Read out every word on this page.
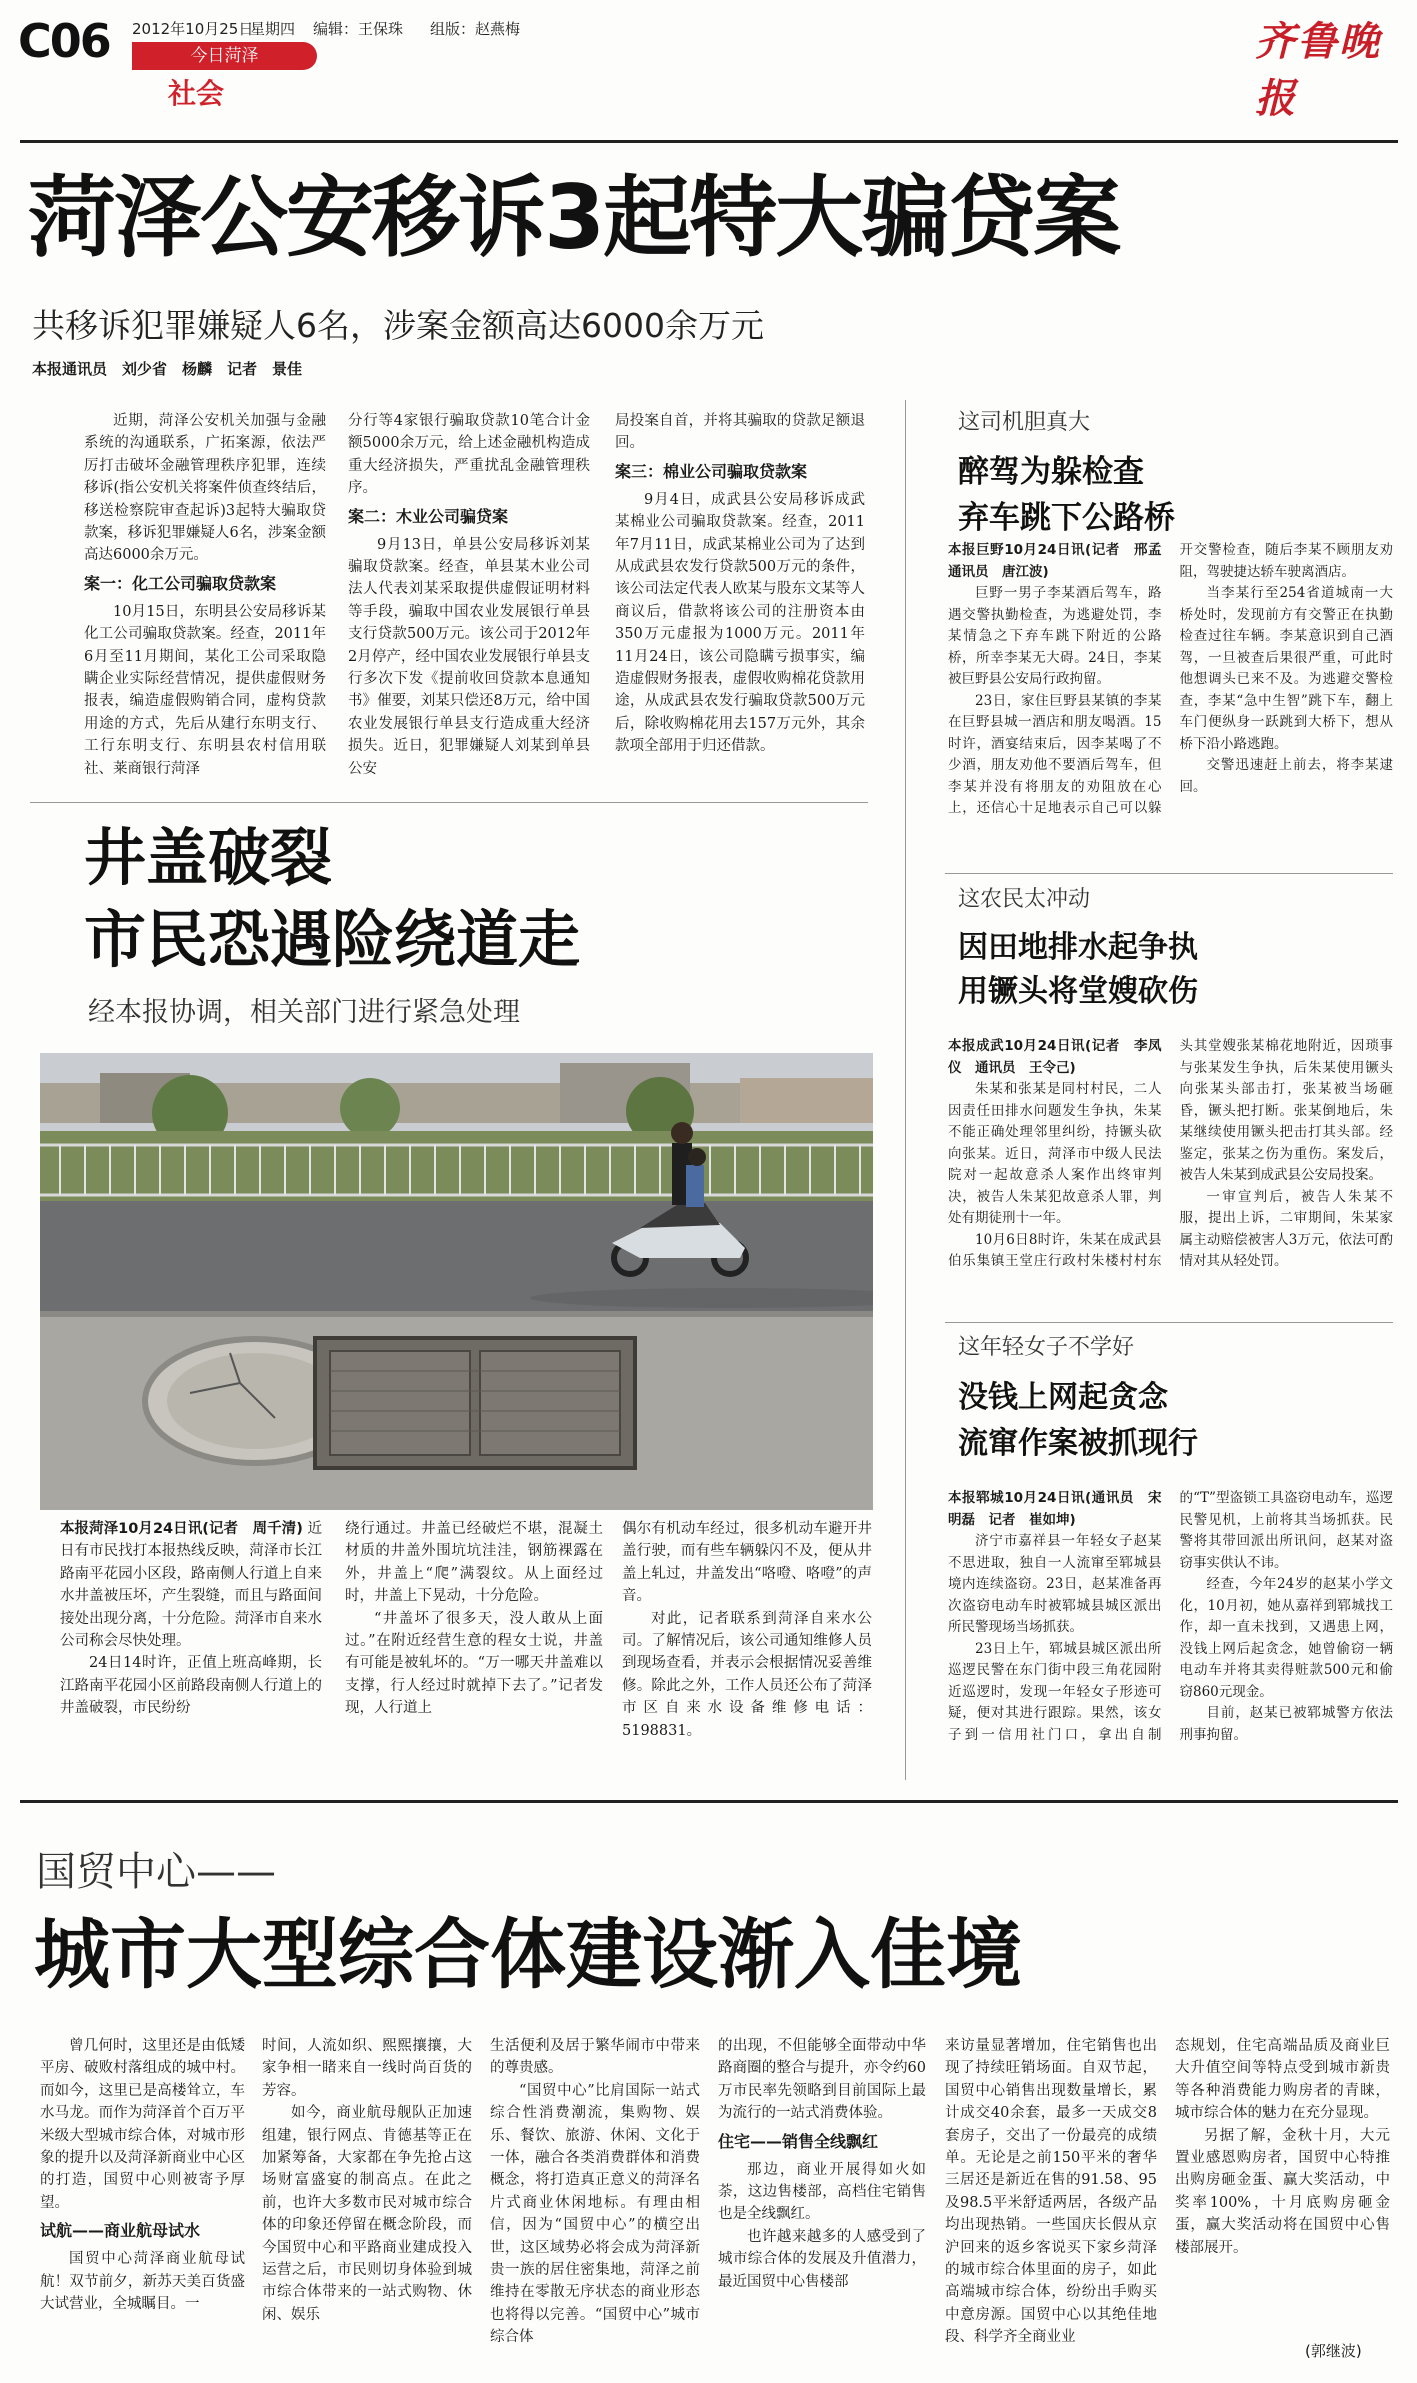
C06 2012年10月25日
星期四 编辑：王保珠 组版：赵燕梅
今日菏泽
社会
齐鲁晚报
菏泽公安移诉3起特大骗贷案
共移诉犯罪嫌疑人6名，涉案金额高达6000余万元
本报通讯员　刘少省　杨麟　记者　景佳

近期，菏泽公安机关加强与金融系统的沟通联系，广拓案源，依法严厉打击破坏金融管理秩序犯罪，连续移诉(指公安机关将案件侦查终结后，移送检察院审查起诉)3起特大骗取贷款案，移诉犯罪嫌疑人6名，涉案金额高达6000余万元。

案一：化工公司骗取贷款案

10月15日，东明县公安局移诉某化工公司骗取贷款案。经查，2011年6月至11月期间，某化工公司采取隐瞒企业实际经营情况，提供虚假财务报表，编造虚假购销合同，虚构贷款用途的方式，先后从建行东明支行、工行东明支行、东明县农村信用联社、莱商银行菏泽

分行等4家银行骗取贷款10笔合计金额5000余万元，给上述金融机构造成重大经济损失，严重扰乱金融管理秩序。

案二：木业公司骗贷案

9月13日，单县公安局移诉刘某骗取贷款案。经查，单县某木业公司法人代表刘某采取提供虚假证明材料等手段，骗取中国农业发展银行单县支行贷款500万元。该公司于2012年2月停产，经中国农业发展银行单县支行多次下发《提前收回贷款本息通知书》催要，刘某只偿还8万元，给中国农业发展银行单县支行造成重大经济损失。近日，犯罪嫌疑人刘某到单县公安

局投案自首，并将其骗取的贷款足额退回。

案三：棉业公司骗取贷款案

9月4日，成武县公安局移诉成武某棉业公司骗取贷款案。经查，2011年7月11日，成武某棉业公司为了达到从成武县农发行贷款500万元的条件，该公司法定代表人欧某与股东文某等人商议后，借款将该公司的注册资本由350万元虚报为1000万元。2011年11月24日，该公司隐瞒亏损事实，编造虚假财务报表，虚假收购棉花贷款用途，从成武县农发行骗取贷款500万元后，除收购棉花用去157万元外，其余款项全部用于归还借款。

这司机胆真大
醉驾为躲检查
弃车跳下公路桥

本报巨野10月24日讯(记者　邢孟　通讯员　唐江波)

巨野一男子李某酒后驾车，路遇交警执勤检查，为逃避处罚，李某情急之下弃车跳下附近的公路桥，所幸李某无大碍。24日，李某被巨野县公安局行政拘留。

23日，家住巨野县某镇的李某在巨野县城一酒店和朋友喝酒。15时许，酒宴结束后，因李某喝了不少酒，朋友劝他不要酒后驾车，但李某并没有将朋友的劝阻放在心上，还信心十足地表示自己可以躲开交警检查，随后李某不顾朋友劝阻，驾驶捷达轿车驶离酒店。

当李某行至254省道城南一大桥处时，发现前方有交警正在执勤检查过往车辆。李某意识到自己酒驾，一旦被查后果很严重，可此时他想调头已来不及。为逃避交警检查，李某“急中生智”跳下车，翻上车门便纵身一跃跳到大桥下，想从桥下沿小路逃跑。

交警迅速赶上前去，将李某逮回。

这农民太冲动
因田地排水起争执
用镢头将堂嫂砍伤

本报成武10月24日讯(记者　李凤仪　通讯员　王令己)

朱某和张某是同村村民，二人因责任田排水问题发生争执，朱某不能正确处理邻里纠纷，持镢头砍向张某。近日，菏泽市中级人民法院对一起故意杀人案作出终审判决，被告人朱某犯故意杀人罪，判处有期徒刑十一年。

10月6日8时许，朱某在成武县伯乐集镇王堂庄行政村朱楼村村东头其堂嫂张某棉花地附近，因琐事与张某发生争执，后朱某使用镢头向张某头部击打，张某被当场砸昏，镢头把打断。张某倒地后，朱某继续使用镢头把击打其头部。经鉴定，张某之伤为重伤。案发后，被告人朱某到成武县公安局投案。

一审宣判后，被告人朱某不服，提出上诉，二审期间，朱某家属主动赔偿被害人3万元，依法可酌情对其从轻处罚。

这年轻女子不学好
没钱上网起贪念
流窜作案被抓现行

本报郓城10月24日讯(通讯员　宋明磊　记者　崔如坤)

济宁市嘉祥县一年轻女子赵某不思进取，独自一人流窜至郓城县境内连续盗窃。23日，赵某准备再次盗窃电动车时被郓城县城区派出所民警现场当场抓获。

23日上午，郓城县城区派出所巡逻民警在东门街中段三角花园附近巡逻时，发现一年轻女子形迹可疑，便对其进行跟踪。果然，该女子到一信用社门口，拿出自制的“T”型盗锁工具盗窃电动车，巡逻民警见机，上前将其当场抓获。民警将其带回派出所讯问，赵某对盗窃事实供认不讳。

经查，今年24岁的赵某小学文化，10月初，她从嘉祥到郓城找工作，却一直未找到，又遇患上网，没钱上网后起贪念，她曾偷窃一辆电动车并将其卖得赃款500元和偷窃860元现金。

目前，赵某已被郓城警方依法刑事拘留。

井盖破裂
市民恐遇险绕道走
经本报协调，相关部门进行紧急处理

本报菏泽10月24日讯(记者　周千清) 近日有市民找打本报热线反映，菏泽市长江路南平花园小区段，路南侧人行道上自来水井盖被压坏，产生裂缝，而且与路面间接处出现分离，十分危险。菏泽市自来水公司称会尽快处理。

24日14时许，正值上班高峰期，长江路南平花园小区前路段南侧人行道上的井盖破裂，市民纷纷

绕行通过。井盖已经破烂不堪，混凝土材质的井盖外围坑坑洼洼，钢筋裸露在外，井盖上“爬”满裂纹。从上面经过时，井盖上下晃动，十分危险。

“井盖坏了很多天，没人敢从上面过。”在附近经营生意的程女士说，井盖有可能是被轧坏的。“万一哪天井盖难以支撑，行人经过时就掉下去了。”记者发现，人行道上

偶尔有机动车经过，很多机动车避开井盖行驶，而有些车辆躲闪不及，便从井盖上轧过，井盖发出“咯噔、咯噔”的声音。

对此，记者联系到菏泽自来水公司。了解情况后，该公司通知维修人员到现场查看，并表示会根据情况妥善维修。除此之外，工作人员还公布了菏泽市区自来水设备维修电话：5198831。

国贸中心——
城市大型综合体建设渐入佳境

曾几何时，这里还是由低矮平房、破败村落组成的城中村。而如今，这里已是高楼耸立，车水马龙。而作为菏泽首个百万平米级大型城市综合体，对城市形象的提升以及菏泽新商业中心区的打造，国贸中心则被寄予厚望。

试航——商业航母试水

国贸中心菏泽商业航母试航！双节前夕，新苏天美百货盛大试营业，全城瞩目。一

时间，人流如织、熙熙攘攘，大家争相一睹来自一线时尚百货的芳容。

如今，商业航母舰队正加速组建，银行网点、肯德基等正在加紧筹备，大家都在争先抢占这场财富盛宴的制高点。在此之前，也许大多数市民对城市综合体的印象还停留在概念阶段，而今国贸中心和平路商业建成投入运营之后，市民则切身体验到城市综合体带来的一站式购物、休闲、娱乐

生活便利及居于繁华闹市中带来的尊贵感。

“国贸中心”比肩国际一站式综合性消费潮流，集购物、娱乐、餐饮、旅游、休闲、文化于一体，融合各类消费群体和消费概念，将打造真正意义的菏泽名片式商业休闲地标。有理由相信，因为“国贸中心”的横空出世，这区域势必将会成为菏泽新贵一族的居住密集地，菏泽之前维持在零散无序状态的商业形态也将得以完善。“国贸中心”城市综合体

的出现，不但能够全面带动中华路商圈的整合与提升，亦令约60万市民率先领略到目前国际上最为流行的一站式消费体验。

住宅——销售全线飘红

那边，商业开展得如火如荼，这边售楼部，高档住宅销售也是全线飘红。

也许越来越多的人感受到了城市综合体的发展及升值潜力，最近国贸中心售楼部

来访量显著增加，住宅销售也出现了持续旺销场面。自双节起，国贸中心销售出现数量增长，累计成交40余套，最多一天成交8套房子，交出了一份最亮的成绩单。无论是之前150平米的奢华三居还是新近在售的91.58、95及98.5平米舒适两居，各级产品均出现热销。一些国庆长假从京沪回来的返乡客说买下家乡菏泽的城市综合体里面的房子，如此高端城市综合体，纷纷出手购买中意房源。国贸中心以其绝佳地段、科学齐全商业业

态规划，住宅高端品质及商业巨大升值空间等特点受到城市新贵等各种消费能力购房者的青睐，城市综合体的魅力在充分显现。

另据了解，金秋十月，大元置业感恩购房者，国贸中心特推出购房砸金蛋、赢大奖活动，中奖率100%，十月底购房砸金蛋，赢大奖活动将在国贸中心售楼部展开。

(郭继波)
